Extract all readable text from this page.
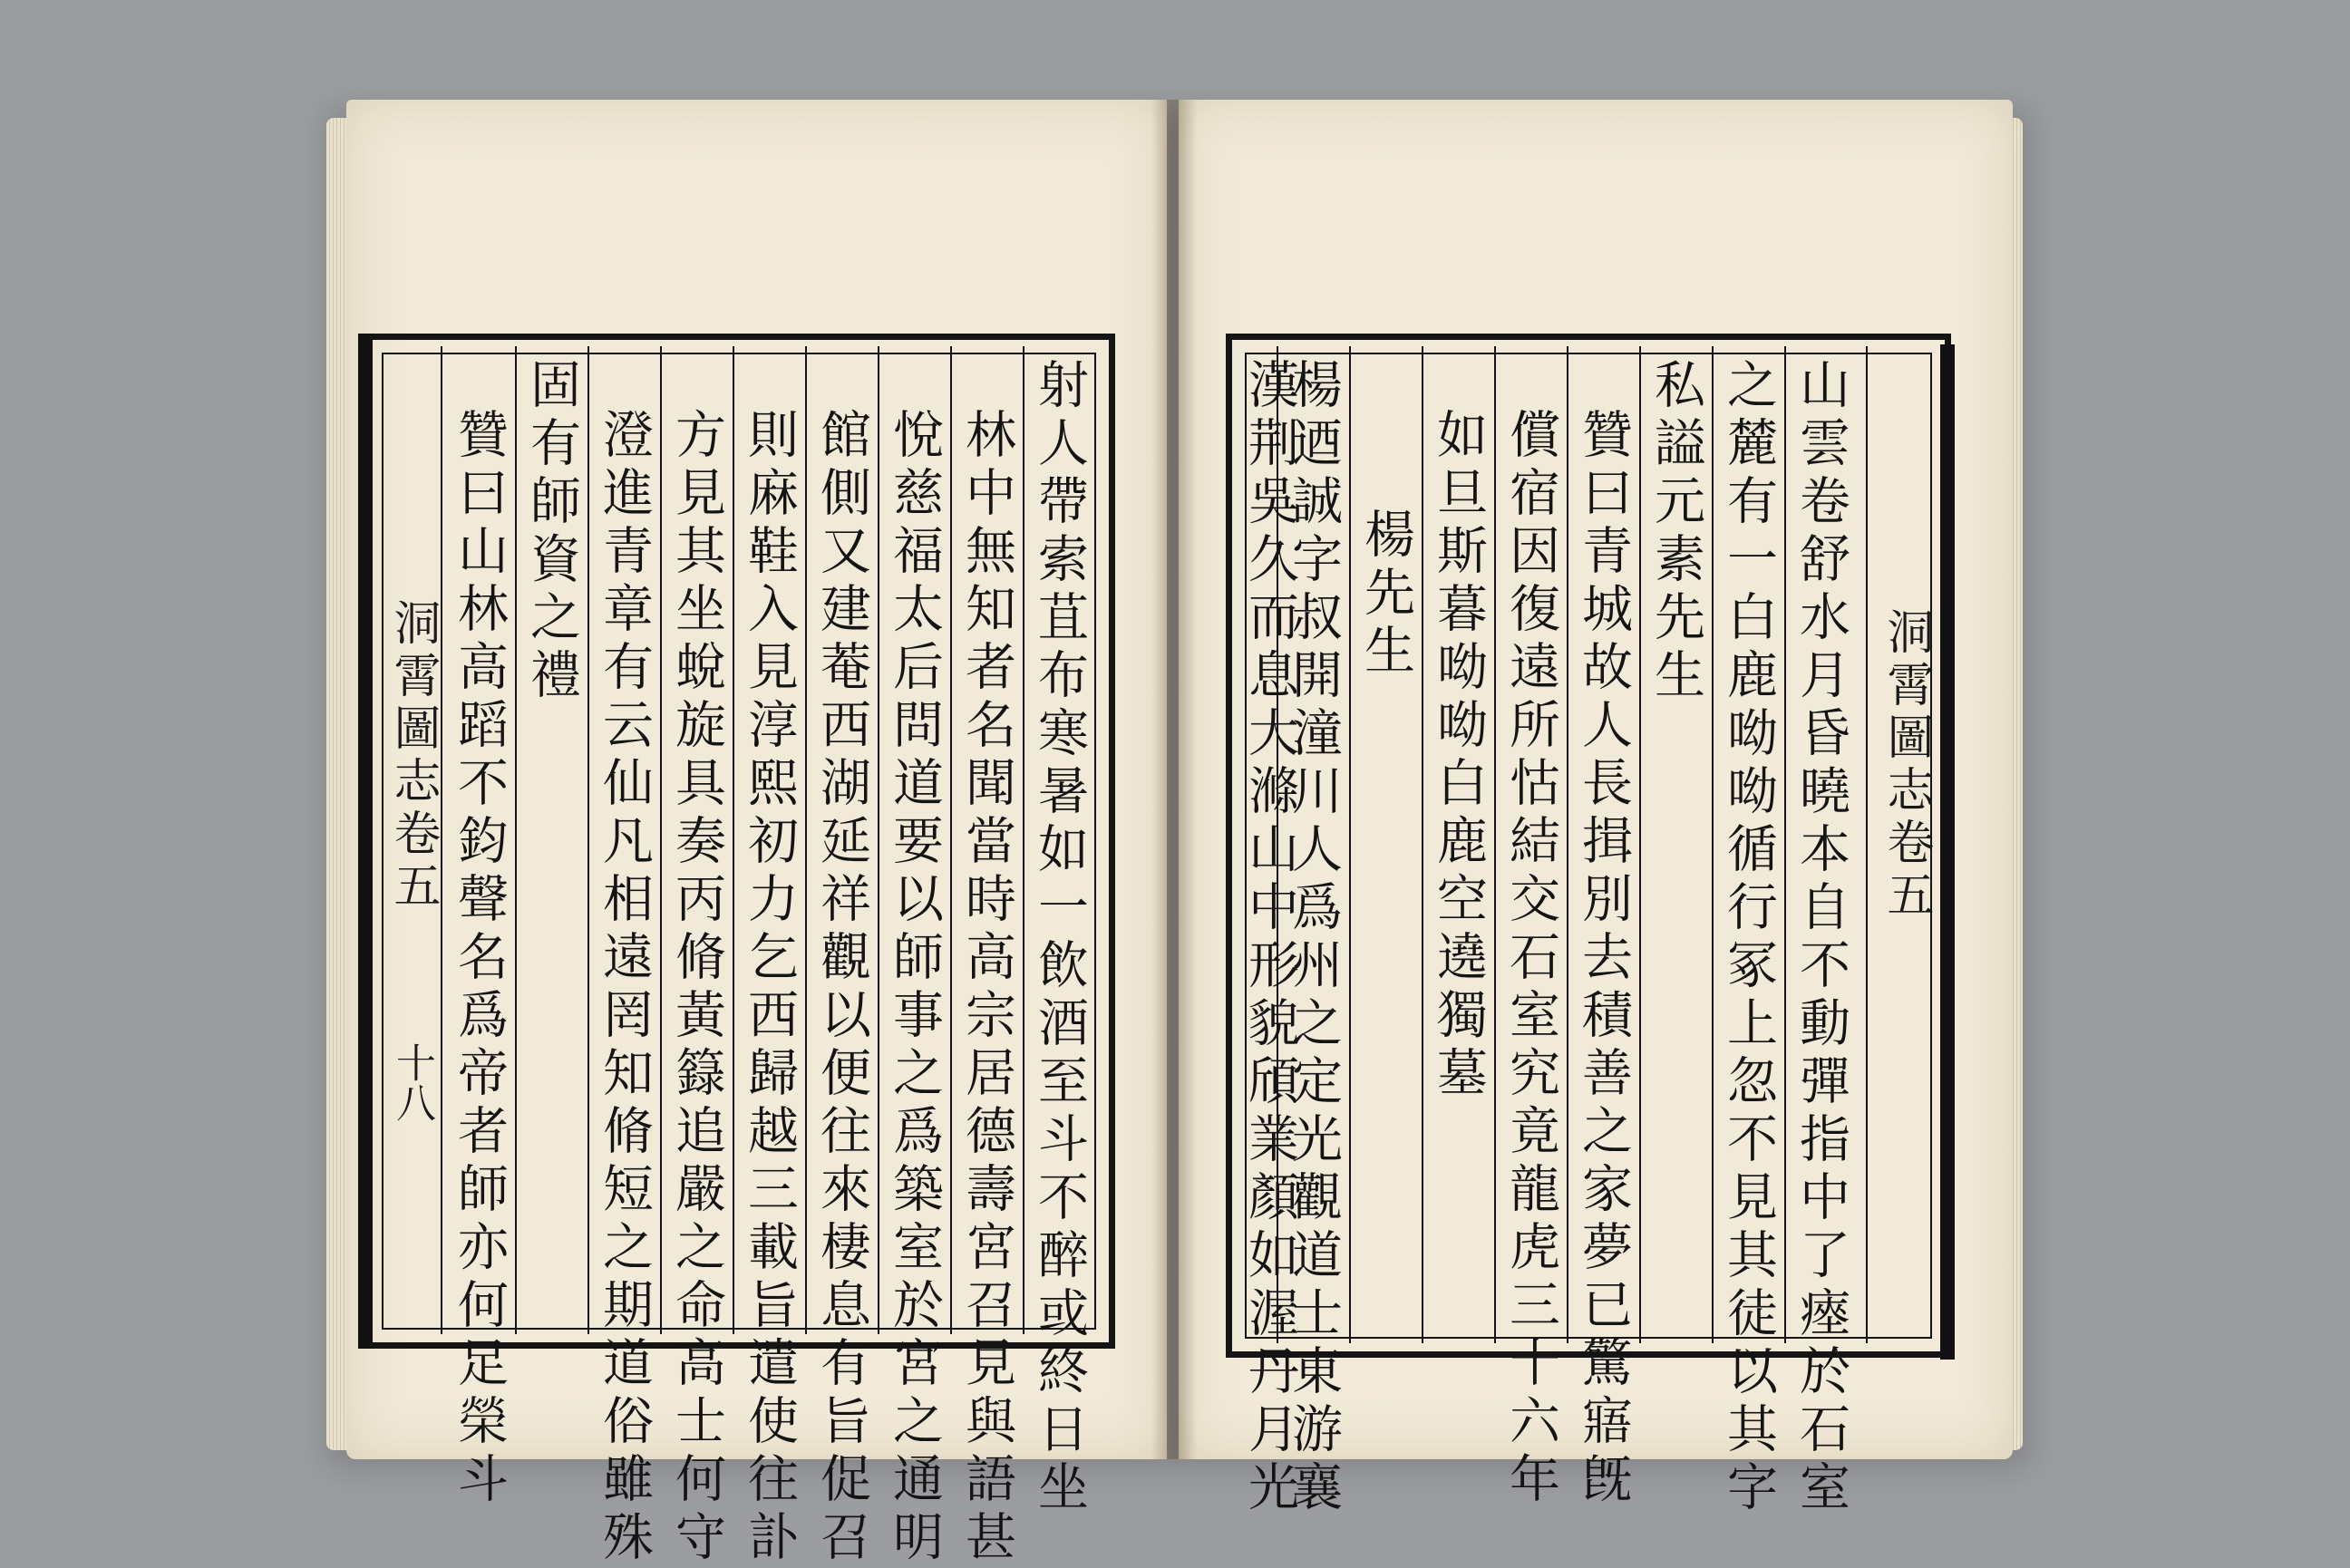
洞霄圖志卷五
十八	射人帶索苴布寒暑如一飲酒至斗不醉或終日坐
林中無知者名聞當時高宗居德壽宮召見與語甚
悅慈福太后問道要以師事之爲築室於宮之通明
館側又建菴西湖延祥觀以便往來棲息有旨促召
則麻鞋入見淳熙初力乞西歸越三載旨遣使往訃
方見其坐蛻旋具奏丙脩黃籙追嚴之命高士何守
澄進青章有云仙凡相遠罔知脩短之期道俗雖殊
固有師資之禮
贊曰山林高蹈不鈞聲名爲帝者師亦何足榮斗	洞霄圖志卷五
山雲卷舒水月昏曉本自不動彈指中了瘞於石室
之麓有一白鹿呦呦循行冢上忽不見其徒以其字
私謚元素先生
贊曰青城故人長揖別去積善之家夢已驚寤旣
償宿因復遠所怙結交石室究竟龍虎三十六年
如旦斯暮呦呦白鹿空遶獨墓
楊先生
楊迺誠字叔開潼川人爲州之定光觀道士東游襄
漢荆吳久而息大滌山中形貌頎業顏如渥丹月光
